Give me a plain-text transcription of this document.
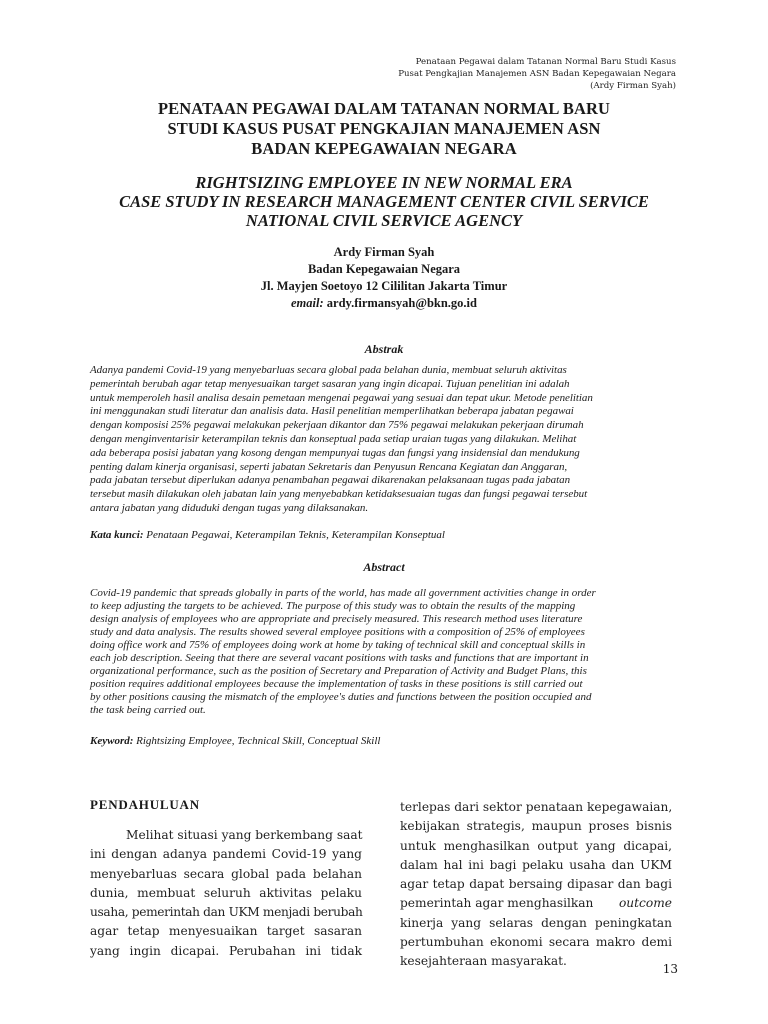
Penataan Pegawai dalam Tatanan Normal Baru Studi Kasus
Pusat Pengkajian Manajemen ASN Badan Kepegawaian Negara
(Ardy Firman Syah)
PENATAAN PEGAWAI DALAM TATANAN NORMAL BARU
STUDI KASUS PUSAT PENGKAJIAN MANAJEMEN ASN
BADAN KEPEGAWAIAN NEGARA
RIGHTSIZING EMPLOYEE IN NEW NORMAL ERA
CASE STUDY IN RESEARCH MANAGEMENT CENTER CIVIL SERVICE
NATIONAL CIVIL SERVICE AGENCY
Ardy Firman Syah
Badan Kepegawaian Negara
Jl. Mayjen Soetoyo 12 Cililitan Jakarta Timur
email: ardy.firmansyah@bkn.go.id
Abstrak
Adanya pandemi Covid-19 yang menyebarluas secara global pada belahan dunia, membuat seluruh aktivitas
pemerintah berubah agar tetap menyesuaikan target sasaran yang ingin dicapai. Tujuan penelitian ini adalah
untuk memperoleh hasil analisa desain pemetaan mengenai pegawai yang sesuai dan tepat ukur. Metode penelitian
ini menggunakan studi literatur dan analisis data. Hasil penelitian memperlihatkan beberapa jabatan pegawai
dengan komposisi 25% pegawai melakukan pekerjaan dikantor dan 75% pegawai melakukan pekerjaan dirumah
dengan menginventarisir keterampilan teknis dan konseptual pada setiap uraian tugas yang dilakukan. Melihat
ada beberapa posisi jabatan yang kosong dengan mempunyai tugas dan fungsi yang insidensial dan mendukung
penting dalam kinerja organisasi, seperti jabatan Sekretaris dan Penyusun Rencana Kegiatan dan Anggaran,
pada jabatan tersebut diperlukan adanya penambahan pegawai dikarenakan pelaksanaan tugas pada jabatan
tersebut masih dilakukan oleh jabatan lain yang menyebabkan ketidaksesuaian tugas dan fungsi pegawai tersebut
antara jabatan yang diduduki dengan tugas yang dilaksanakan.
Kata kunci: Penataan Pegawai, Keterampilan Teknis, Keterampilan Konseptual
Abstract
Covid-19 pandemic that spreads globally in parts of the world, has made all government activities change in order
to keep adjusting the targets to be achieved. The purpose of this study was to obtain the results of the mapping
design analysis of employees who are appropriate and precisely measured. This research method uses literature
study and data analysis. The results showed several employee positions with a composition of 25% of employees
doing office work and 75% of employees doing work at home by taking of technical skill and conceptual skills in
each job description. Seeing that there are several vacant positions with tasks and functions that are important in
organizational performance, such as the position of Secretary and Preparation of Activity and Budget Plans, this
position requires additional employees because the implementation of tasks in these positions is still carried out
by other positions causing the mismatch of the employee's duties and functions between the position occupied and
the task being carried out.
Keyword: Rightsizing Employee, Technical Skill, Conceptual Skill
PENDAHULUAN
Melihat situasi yang berkembang saat
ini dengan adanya pandemi Covid-19 yang
menyebarluas secara global pada belahan
dunia, membuat seluruh aktivitas pelaku
usaha, pemerintah dan UKM menjadi berubah
agar tetap menyesuaikan target sasaran
yang ingin dicapai. Perubahan ini tidak
terlepas dari sektor penataan kepegawaian,
kebijakan strategis, maupun proses bisnis
untuk menghasilkan output yang dicapai,
dalam hal ini bagi pelaku usaha dan UKM
agar tetap dapat bersaing dipasar dan bagi
pemerintah agar menghasilkan outcome
kinerja yang selaras dengan peningkatan
pertumbuhan ekonomi secara makro demi
kesejahteraan masyarakat.
13
